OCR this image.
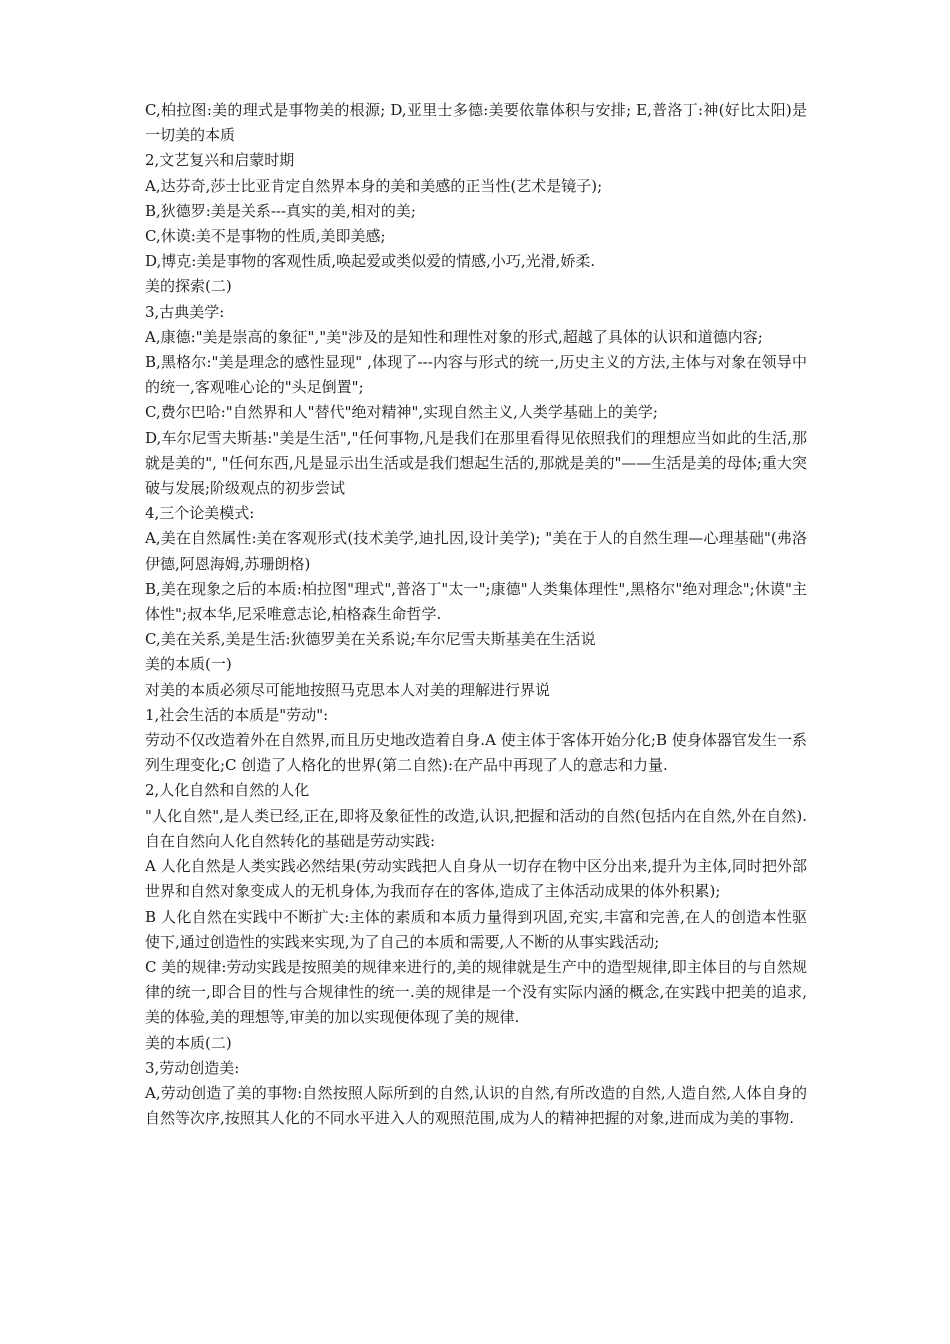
C,柏拉图:美的理式是事物美的根源; D,亚里士多德:美要依靠体积与安排; E,普洛丁:神(好比太阳)是一切美的本质

2,文艺复兴和启蒙时期

A,达芬奇,莎士比亚肯定自然界本身的美和美感的正当性(艺术是镜子);

B,狄德罗:美是关系---真实的美,相对的美;

C,休谟:美不是事物的性质,美即美感;

D,博克:美是事物的客观性质,唤起爱或类似爱的情感,小巧,光滑,娇柔.

美的探索(二)

3,古典美学:

A,康德:"美是崇高的象征","美"涉及的是知性和理性对象的形式,超越了具体的认识和道德内容;

B,黑格尔:"美是理念的感性显现" ,体现了---内容与形式的统一,历史主义的方法,主体与对象在领导中的统一,客观唯心论的"头足倒置";

C,费尔巴哈:"自然界和人"替代"绝对精神",实现自然主义,人类学基础上的美学;

D,车尔尼雪夫斯基:"美是生活","任何事物,凡是我们在那里看得见依照我们的理想应当如此的生活,那就是美的", "任何东西,凡是显示出生活或是我们想起生活的,那就是美的"——生活是美的母体;重大突破与发展;阶级观点的初步尝试

4,三个论美模式:

A,美在自然属性:美在客观形式(技术美学,迪扎因,设计美学); "美在于人的自然生理—心理基础"(弗洛伊德,阿恩海姆,苏珊朗格)

B,美在现象之后的本质:柏拉图"理式",普洛丁"太一";康德"人类集体理性",黑格尔"绝对理念";休谟"主体性";叔本华,尼采唯意志论,柏格森生命哲学.

C,美在关系,美是生活:狄德罗美在关系说;车尔尼雪夫斯基美在生活说

美的本质(一)

对美的本质必须尽可能地按照马克思本人对美的理解进行界说

1,社会生活的本质是"劳动":

劳动不仅改造着外在自然界,而且历史地改造着自身.A 使主体于客体开始分化;B 使身体器官发生一系列生理变化;C 创造了人格化的世界(第二自然):在产品中再现了人的意志和力量.

2,人化自然和自然的人化

"人化自然",是人类已经,正在,即将及象征性的改造,认识,把握和活动的自然(包括内在自然,外在自然).自在自然向人化自然转化的基础是劳动实践:

A 人化自然是人类实践必然结果(劳动实践把人自身从一切存在物中区分出来,提升为主体,同时把外部世界和自然对象变成人的无机身体,为我而存在的客体,造成了主体活动成果的体外积累);

B 人化自然在实践中不断扩大:主体的素质和本质力量得到巩固,充实,丰富和完善,在人的创造本性驱使下,通过创造性的实践来实现,为了自己的本质和需要,人不断的从事实践活动;

C 美的规律:劳动实践是按照美的规律来进行的,美的规律就是生产中的造型规律,即主体目的与自然规律的统一,即合目的性与合规律性的统一.美的规律是一个没有实际内涵的概念,在实践中把美的追求,美的体验,美的理想等,审美的加以实现便体现了美的规律.

美的本质(二)

3,劳动创造美:

A,劳动创造了美的事物:自然按照人际所到的自然,认识的自然,有所改造的自然,人造自然,人体自身的自然等次序,按照其人化的不同水平进入人的观照范围,成为人的精神把握的对象,进而成为美的事物.
